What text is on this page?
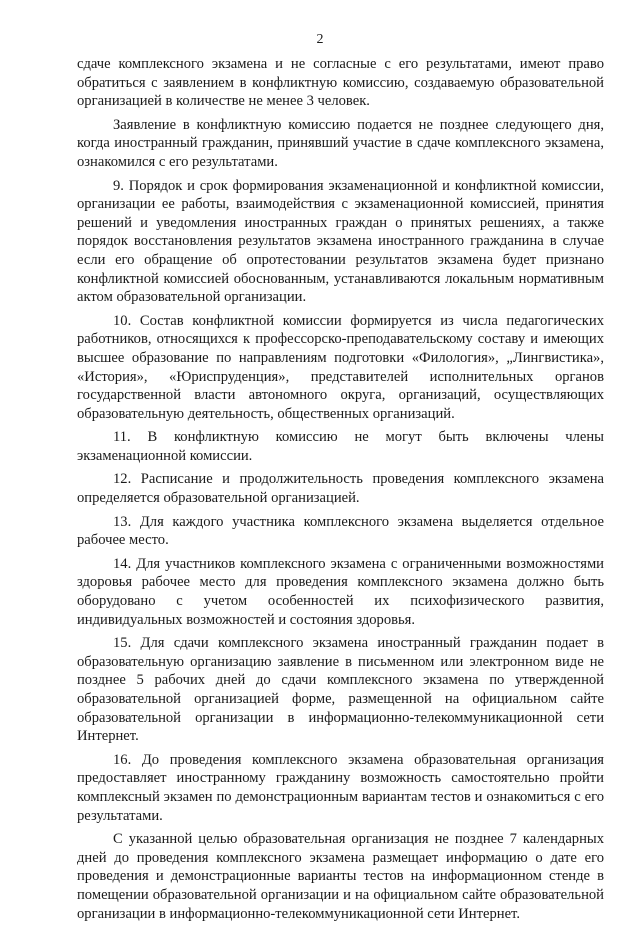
2

сдаче комплексного экзамена и не согласные с его результатами, имеют право обратиться с заявлением в конфликтную комиссию, создаваемую образовательной организацией в количестве не менее 3 человек.

Заявление в конфликтную комиссию подается не позднее следующего дня, когда иностранный гражданин, принявший участие в сдаче комплексного экзамена, ознакомился с его результатами.

9. Порядок и срок формирования экзаменационной и конфликтной комиссии, организации ее работы, взаимодействия с экзаменационной комиссией, принятия решений и уведомления иностранных граждан о принятых решениях, а также порядок восстановления результатов экзамена иностранного гражданина в случае если его обращение об опротестовании результатов экзамена будет признано конфликтной комиссией обоснованным, устанавливаются локальным нормативным актом образовательной организации.

10. Состав конфликтной комиссии формируется из числа педагогических работников, относящихся к профессорско-преподавательскому составу и имеющих высшее образование по направлениям подготовки «Филология», „Лингвистика», «История», «Юриспруденция», представителей исполнительных органов государственной власти автономного округа, организаций, осуществляющих образовательную деятельность, общественных организаций.

11. В конфликтную комиссию не могут быть включены члены экзаменационной комиссии.

12. Расписание и продолжительность проведения комплексного экзамена определяется образовательной организацией.

13. Для каждого участника комплексного экзамена выделяется отдельное рабочее место.

14. Для участников комплексного экзамена с ограниченными возможностями здоровья рабочее место для проведения комплексного экзамена должно быть оборудовано с учетом особенностей их психофизического развития, индивидуальных возможностей и состояния здоровья.

15. Для сдачи комплексного экзамена иностранный гражданин подает в образовательную организацию заявление в письменном или электронном виде не позднее 5 рабочих дней до сдачи комплексного экзамена по утвержденной образовательной организацией форме, размещенной на официальном сайте образовательной организации в информационно-телекоммуникационной сети Интернет.

16. До проведения комплексного экзамена образовательная организация предоставляет иностранному гражданину возможность самостоятельно пройти комплексный экзамен по демонстрационным вариантам тестов и ознакомиться с его результатами.

С указанной целью образовательная организация не позднее 7 календарных дней до проведения комплексного экзамена размещает информацию о дате его проведения и демонстрационные варианты тестов на информационном стенде в помещении образовательной организации и на официальном сайте образовательной организации в информационно-телекоммуникационной сети Интернет.
